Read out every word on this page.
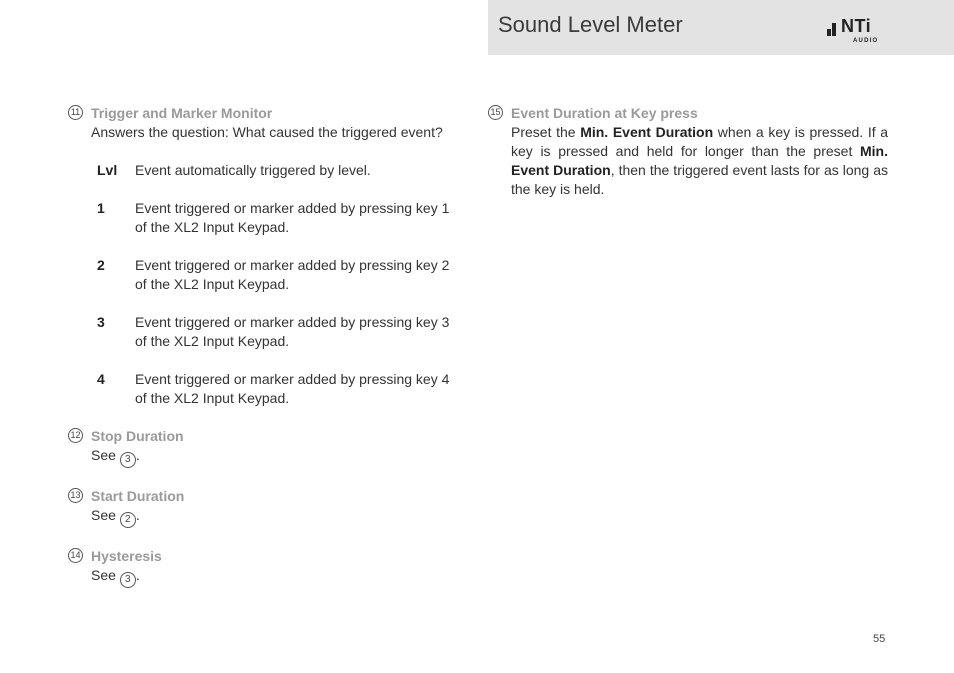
Sound Level Meter	NTi
AUDIO
11 Trigger and Marker Monitor
Answers the question: What caused the triggered event?
Lvl	Event automatically triggered by level.
1	Event triggered or marker added by pressing key 1 of the XL2 Input Keypad.
2	Event triggered or marker added by pressing key 2 of the XL2 Input Keypad.
3	Event triggered or marker added by pressing key 3 of the XL2 Input Keypad.
4	Event triggered or marker added by pressing key 4 of the XL2 Input Keypad.
12 Stop Duration
See 3 .
13 Start Duration
See 2 .
14 Hysteresis
See 3 .
15 Event Duration at Key press
Preset the Min. Event Duration when a key is pressed. If a key is pressed and held for longer than the preset Min. Event Duration, then the triggered event lasts for as long as the key is held.
55
